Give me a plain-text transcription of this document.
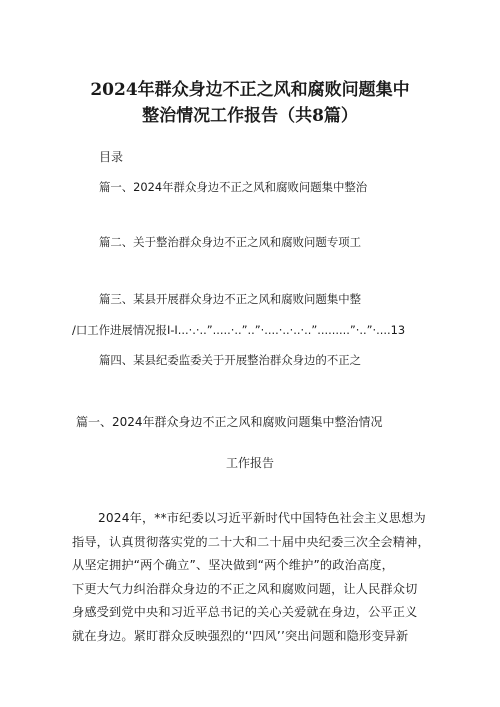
2024年群众身边不正之风和腐败问题集中
整治情况工作报告（共8篇）
目录
篇一、2024年群众身边不正之风和腐败问题集中整治
篇二、关于整治群众身边不正之风和腐败问题专项工
篇三、某县开展群众身边不正之风和腐败问题集中整
/口工作进展情况报I-I...·.·..”.....·..”..”·....·..·..·..”.........”·..”·....13
篇四、某县纪委监委关于开展整治群众身边的不正之
篇一、2024年群众身边不正之风和腐败问题集中整治情况
工作报告
2024年，**市纪委以习近平新时代中国特色社会主义思想为
指导，认真贯彻落实党的二十大和二十届中央纪委三次全会精神，
从坚定拥护“两个确立”、坚决做到“两个维护”的政治高度，
下更大气力纠治群众身边的不正之风和腐败问题，让人民群众切
身感受到党中央和习近平总书记的关心关爱就在身边，公平正义
就在身边。紧盯群众反映强烈的‘'四风’’突出问题和隐形变异新
